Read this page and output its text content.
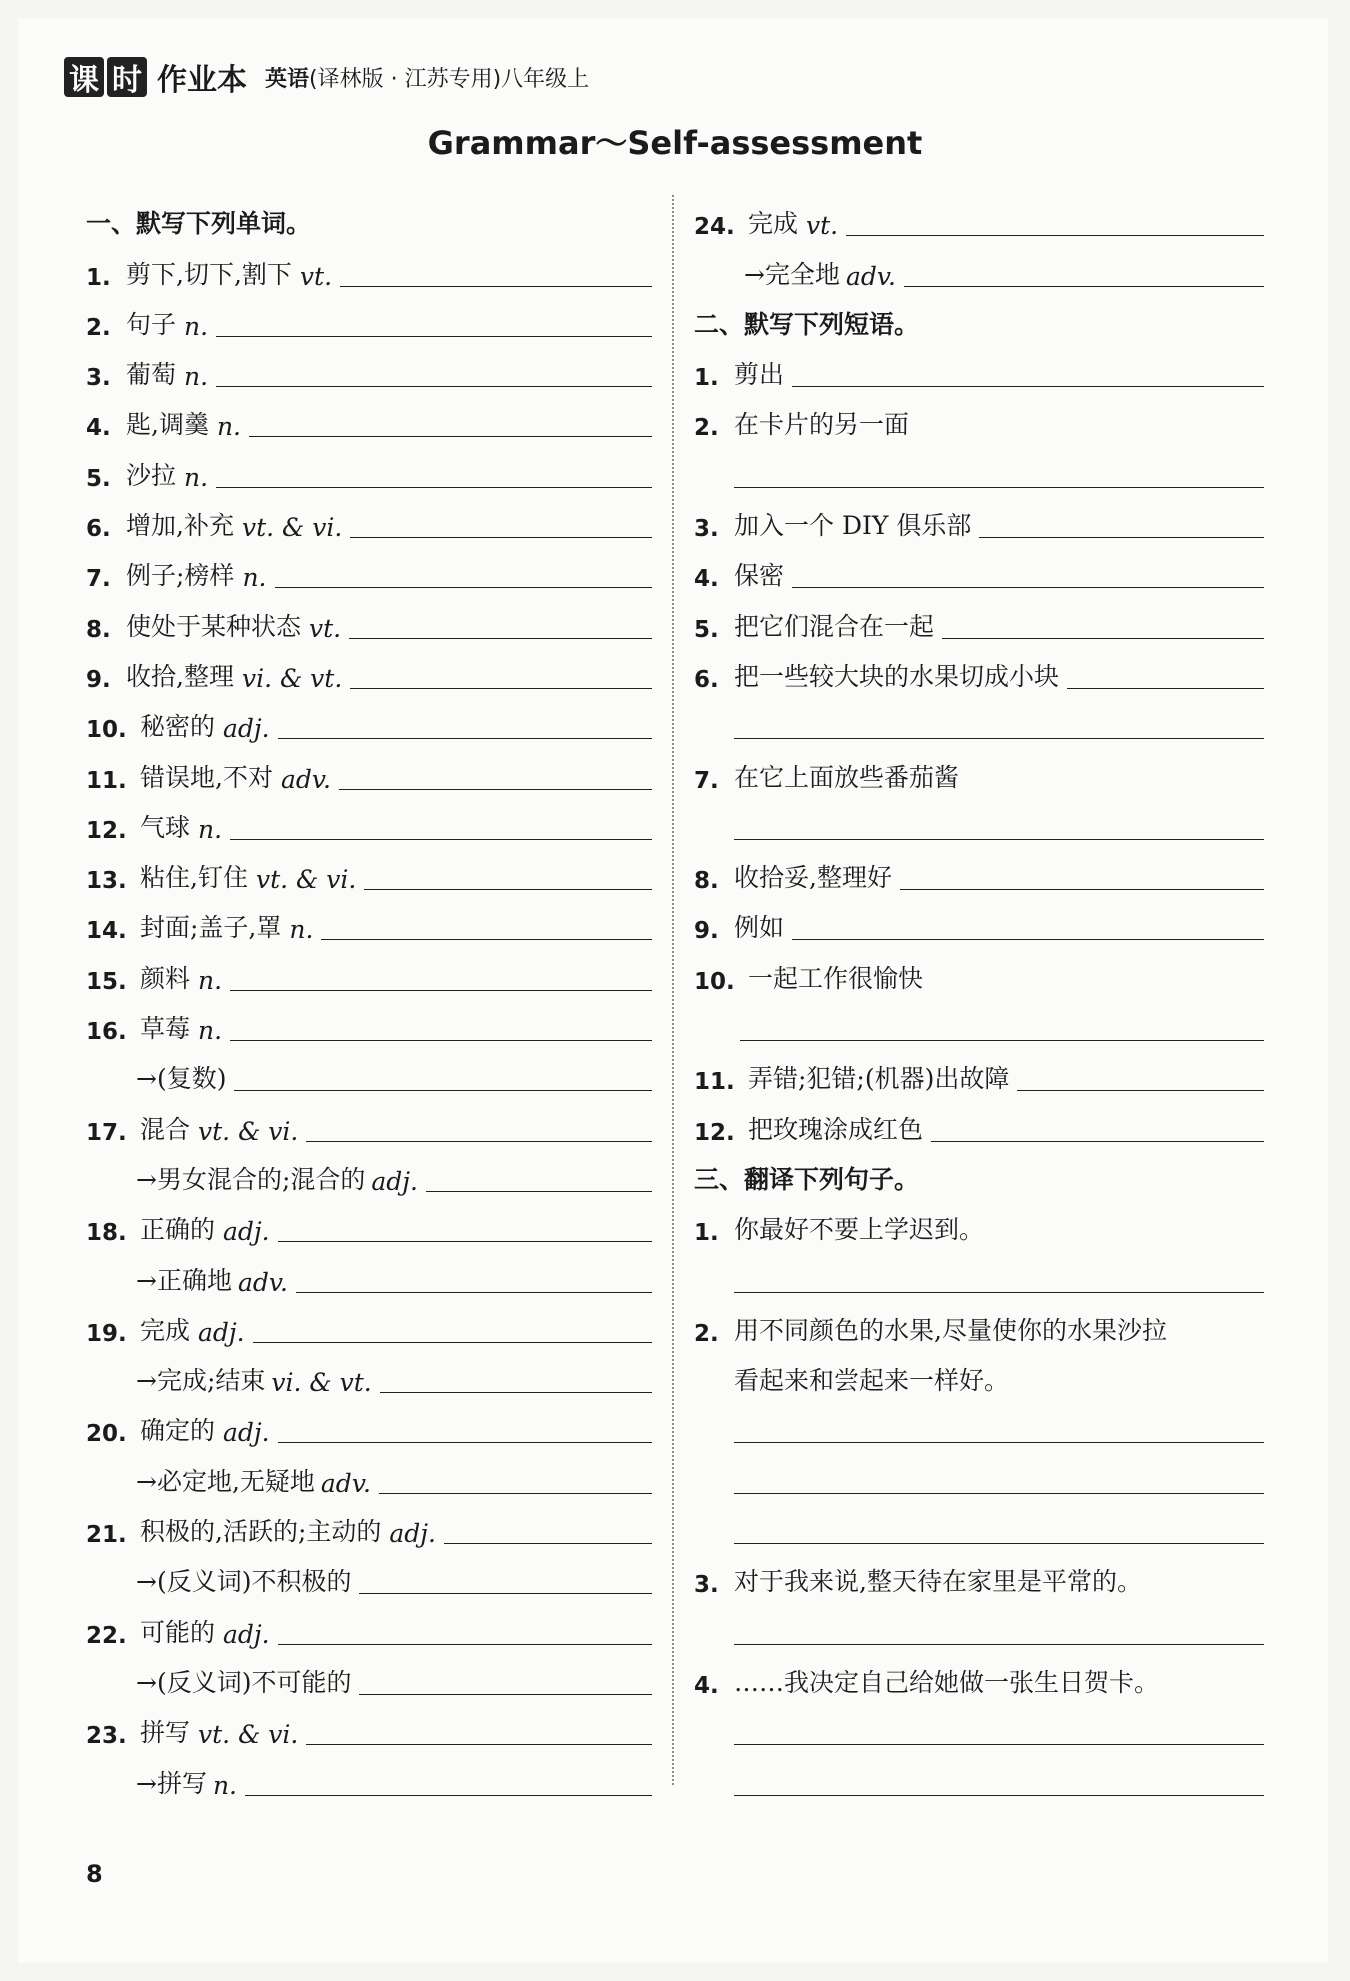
课 时 作业本 英语(译林版 · 江苏专用)八年级上
Grammar～Self-assessment
一、默写下列单词。
1. 剪下,切下,割下 vt.
2. 句子 n.
3. 葡萄 n.
4. 匙,调羹 n.
5. 沙拉 n.
6. 增加,补充 vt. & vi.
7. 例子;榜样 n.
8. 使处于某种状态 vt.
9. 收拾,整理 vi. & vt.
10. 秘密的 adj.
11. 错误地,不对 adv.
12. 气球 n.
13. 粘住,钉住 vt. & vi.
14. 封面;盖子,罩 n.
15. 颜料 n.
16. 草莓 n.
→(复数)
17. 混合 vt. & vi.
→男女混合的;混合的 adj.
18. 正确的 adj.
→正确地 adv.
19. 完成 adj.
→完成;结束 vi. & vt.
20. 确定的 adj.
→必定地,无疑地 adv.
21. 积极的,活跃的;主动的 adj.
→(反义词)不积极的
22. 可能的 adj.
→(反义词)不可能的
23. 拼写 vt. & vi.
→拼写 n.
24. 完成 vt.
→完全地 adv.
二、默写下列短语。
1. 剪出
2. 在卡片的另一面
3. 加入一个 DIY 俱乐部
4. 保密
5. 把它们混合在一起
6. 把一些较大块的水果切成小块
7. 在它上面放些番茄酱
8. 收拾妥,整理好
9. 例如
10. 一起工作很愉快
11. 弄错;犯错;(机器)出故障
12. 把玫瑰涂成红色
三、翻译下列句子。
1. 你最好不要上学迟到。
2. 用不同颜色的水果,尽量使你的水果沙拉
看起来和尝起来一样好。
3. 对于我来说,整天待在家里是平常的。
4. ……我决定自己给她做一张生日贺卡。
8
